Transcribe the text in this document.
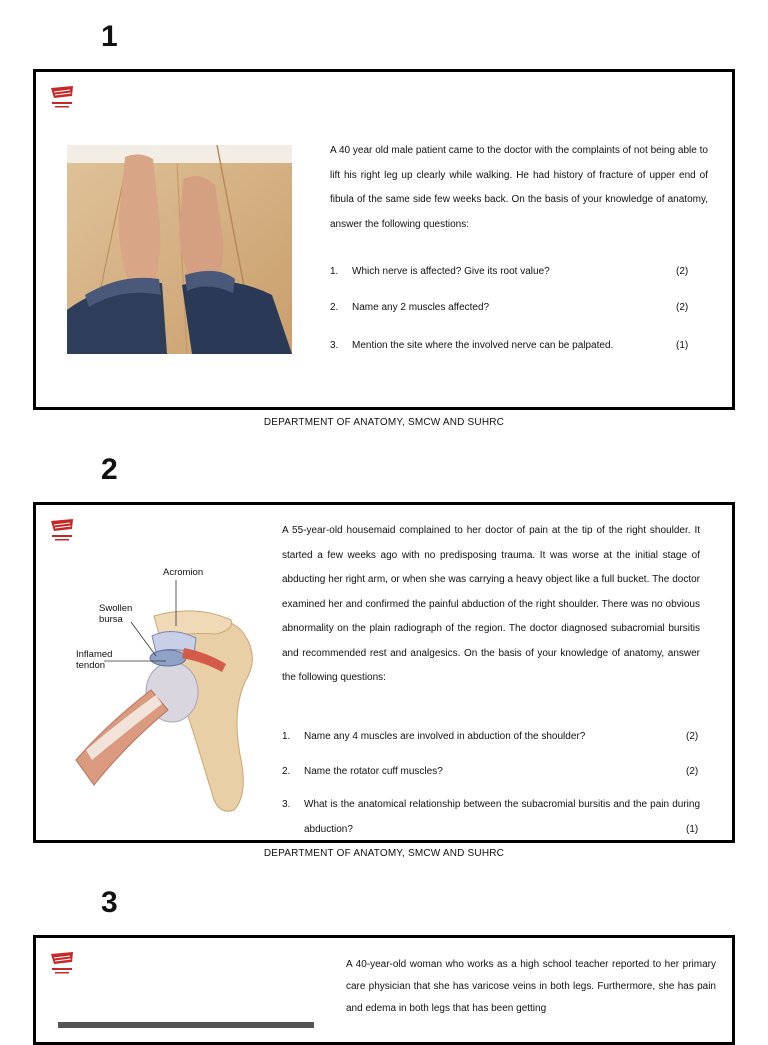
1
A 40 year old male patient came to the doctor with the complaints of not being able to lift his right leg up clearly while walking. He had history of fracture of upper end of fibula of the same side few weeks back. On the basis of your knowledge of anatomy, answer the following questions:
1. Which nerve is affected? Give its root value?	(2)
2. Name any 2 muscles affected?	(2)
3. Mention the site where the involved nerve can be palpated.	(1)
DEPARTMENT OF ANATOMY, SMCW AND SUHRC
2
Acromion
Swollen bursa
Inflamed tendon
A 55-year-old housemaid complained to her doctor of pain at the tip of the right shoulder. It started a few weeks ago with no predisposing trauma. It was worse at the initial stage of abducting her right arm, or when she was carrying a heavy object like a full bucket. The doctor examined her and confirmed the painful abduction of the right shoulder. There was no obvious abnormality on the plain radiograph of the region. The doctor diagnosed subacromial bursitis and recommended rest and analgesics. On the basis of your knowledge of anatomy, answer the following questions:
1. Name any 4 muscles are involved in abduction of the shoulder?	(2)
2. Name the rotator cuff muscles?	(2)
3. What is the anatomical relationship between the subacromial bursitis and the pain during abduction?	(1)
DEPARTMENT OF ANATOMY, SMCW AND SUHRC
3
A 40-year-old woman who works as a high school teacher reported to her primary care physician that she has varicose veins in both legs. Furthermore, she has pain and edema in both legs that has been getting
